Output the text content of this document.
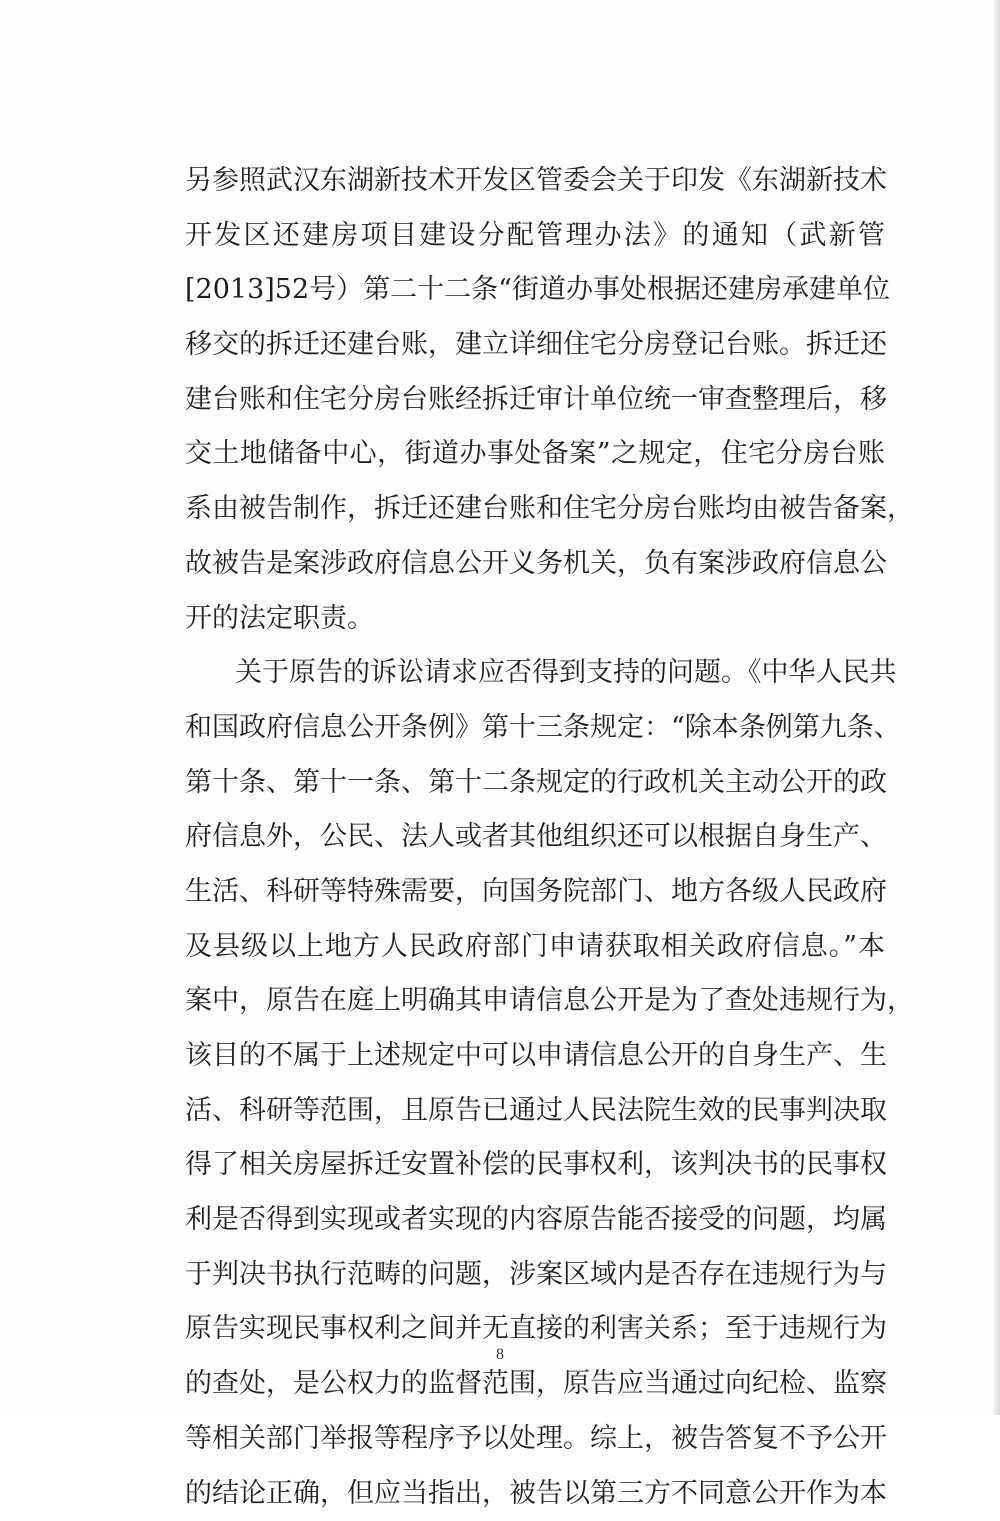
另参照武汉东湖新技术开发区管委会关于印发《东湖新技术
开发区还建房项目建设分配管理办法》的通知（武新管
[2013]52号）第二十二条“街道办事处根据还建房承建单位
移交的拆迁还建台账，建立详细住宅分房登记台账。拆迁还
建台账和住宅分房台账经拆迁审计单位统一审查整理后，移
交土地储备中心，街道办事处备案”之规定，住宅分房台账
系由被告制作，拆迁还建台账和住宅分房台账均由被告备案，
故被告是案涉政府信息公开义务机关，负有案涉政府信息公
开的法定职责。
关于原告的诉讼请求应否得到支持的问题。《中华人民共
和国政府信息公开条例》第十三条规定：“除本条例第九条、
第十条、第十一条、第十二条规定的行政机关主动公开的政
府信息外，公民、法人或者其他组织还可以根据自身生产、
生活、科研等特殊需要，向国务院部门、地方各级人民政府
及县级以上地方人民政府部门申请获取相关政府信息。”本
案中，原告在庭上明确其申请信息公开是为了查处违规行为，
该目的不属于上述规定中可以申请信息公开的自身生产、生
活、科研等范围，且原告已通过人民法院生效的民事判决取
得了相关房屋拆迁安置补偿的民事权利，该判决书的民事权
利是否得到实现或者实现的内容原告能否接受的问题，均属
于判决书执行范畴的问题，涉案区域内是否存在违规行为与
原告实现民事权利之间并无直接的利害关系；至于违规行为
的查处，是公权力的监督范围，原告应当通过向纪检、监察
等相关部门举报等程序予以处理。综上，被告答复不予公开
的结论正确，但应当指出，被告以第三方不同意公开作为本
8
